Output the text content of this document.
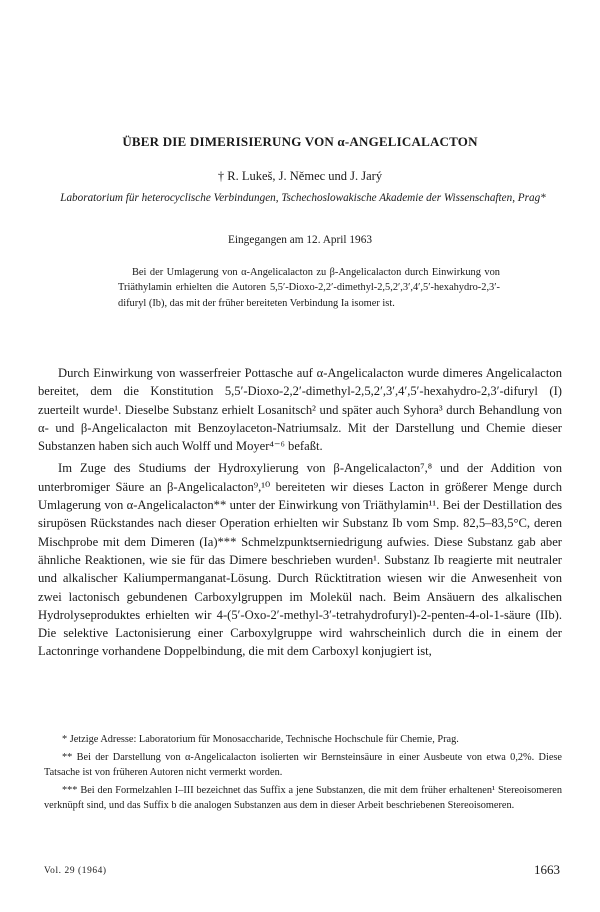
ÜBER DIE DIMERISIERUNG VON α-ANGELICALACTON
† R. Lukeš, J. Němec und J. Jarý
Laboratorium für heterocyclische Verbindungen, Tschechoslowakische Akademie der Wissenschaften, Prag*
Eingegangen am 12. April 1963

Bei der Umlagerung von α-Angelicalacton zu β-Angelicalacton durch Einwirkung von Triäthylamin erhielten die Autoren 5,5′-Dioxo-2,2′-dimethyl-2,5,2′,3′,4′,5′-hexahydro-2,3′-difuryl (Ib), das mit der früher bereiteten Verbindung Ia isomer ist.

Durch Einwirkung von wasserfreier Pottasche auf α-Angelicalacton wurde dimeres Angelicalacton bereitet, dem die Konstitution 5,5′-Dioxo-2,2′-dimethyl-2,5,2′,3′,4′,5′-hexahydro-2,3′-difuryl (I) zuerteilt wurde¹. Dieselbe Substanz erhielt Losanitsch² und später auch Syhora³ durch Behandlung von α- und β-Angelicalacton mit Benzoylaceton-Natriumsalz. Mit der Darstellung und Chemie dieser Substanzen haben sich auch Wolff und Moyer⁴⁻⁶ befaßt.

Im Zuge des Studiums der Hydroxylierung von β-Angelicalacton⁷,⁸ und der Addition von unterbromiger Säure an β-Angelicalacton⁹,¹⁰ bereiteten wir dieses Lacton in größerer Menge durch Umlagerung von α-Angelicalacton** unter der Einwirkung von Triäthylamin¹¹. Bei der Destillation des sirupösen Rückstandes nach dieser Operation erhielten wir Substanz Ib vom Smp. 82,5–83,5°C, deren Mischprobe mit dem Dimeren (Ia)*** Schmelzpunktserniedrigung aufwies. Diese Substanz gab aber ähnliche Reaktionen, wie sie für das Dimere beschrieben wurden¹. Substanz Ib reagierte mit neutraler und alkalischer Kaliumpermanganat-Lösung. Durch Rücktitration wiesen wir die Anwesenheit von zwei lactonisch gebundenen Carboxylgruppen im Molekül nach. Beim Ansäuern des alkalischen Hydrolyseproduktes erhielten wir 4-(5′-Oxo-2′-methyl-3′-tetrahydrofuryl)-2-penten-4-ol-1-säure (IIb). Die selektive Lactonisierung einer Carboxylgruppe wird wahrscheinlich durch die in einem der Lactonringe vorhandene Doppelbindung, die mit dem Carboxyl konjugiert ist,

* Jetzige Adresse: Laboratorium für Monosaccharide, Technische Hochschule für Chemie, Prag.

** Bei der Darstellung von α-Angelicalacton isolierten wir Bernsteinsäure in einer Ausbeute von etwa 0,2%. Diese Tatsache ist von früheren Autoren nicht vermerkt worden.

*** Bei den Formelzahlen I–III bezeichnet das Suffix a jene Substanzen, die mit dem früher erhaltenen¹ Stereoisomeren verknüpft sind, und das Suffix b die analogen Substanzen aus dem in dieser Arbeit beschriebenen Stereoisomeren.

Vol. 29 (1964)	1663
